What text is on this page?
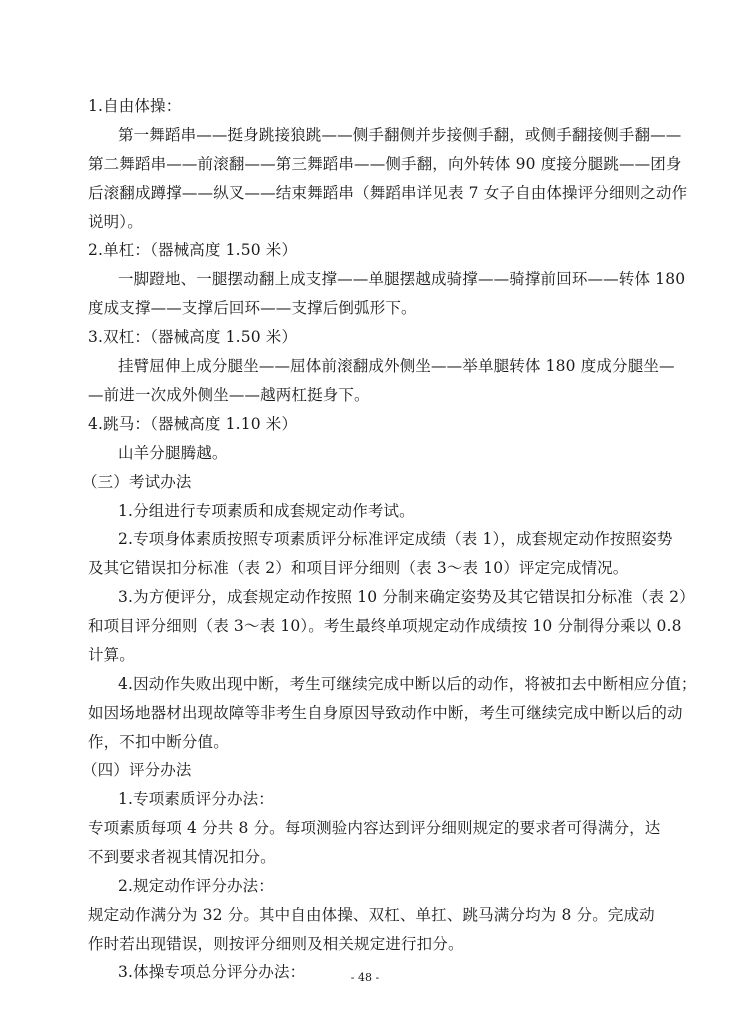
1.自由体操：
第一舞蹈串——挺身跳接狼跳——侧手翻侧并步接侧手翻，或侧手翻接侧手翻——
第二舞蹈串——前滚翻——第三舞蹈串——侧手翻，向外转体 90 度接分腿跳——团身
后滚翻成蹲撑——纵叉——结束舞蹈串（舞蹈串详见表 7 女子自由体操评分细则之动作
说明）。
2.单杠：（器械高度 1.50 米）
一脚蹬地、一腿摆动翻上成支撑——单腿摆越成骑撑——骑撑前回环——转体 180
度成支撑——支撑后回环——支撑后倒弧形下。
3.双杠：（器械高度 1.50 米）
挂臂屈伸上成分腿坐——屈体前滚翻成外侧坐——举单腿转体 180 度成分腿坐—
—前进一次成外侧坐——越两杠挺身下。
4.跳马：（器械高度 1.10 米）
山羊分腿腾越。
（三）考试办法
1.分组进行专项素质和成套规定动作考试。
2.专项身体素质按照专项素质评分标准评定成绩（表 1），成套规定动作按照姿势
及其它错误扣分标准（表 2）和项目评分细则（表 3～表 10）评定完成情况。
3.为方便评分，成套规定动作按照 10 分制来确定姿势及其它错误扣分标准（表 2）
和项目评分细则（表 3～表 10）。考生最终单项规定动作成绩按 10 分制得分乘以 0.8
计算。
4.因动作失败出现中断，考生可继续完成中断以后的动作，将被扣去中断相应分值；
如因场地器材出现故障等非考生自身原因导致动作中断，考生可继续完成中断以后的动
作，不扣中断分值。
（四）评分办法
1.专项素质评分办法：
专项素质每项 4 分共 8 分。每项测验内容达到评分细则规定的要求者可得满分，达
不到要求者视其情况扣分。
2.规定动作评分办法：
规定动作满分为 32 分。其中自由体操、双杠、单扛、跳马满分均为 8 分。完成动
作时若出现错误，则按评分细则及相关规定进行扣分。
3.体操专项总分评分办法：	- 48 -
